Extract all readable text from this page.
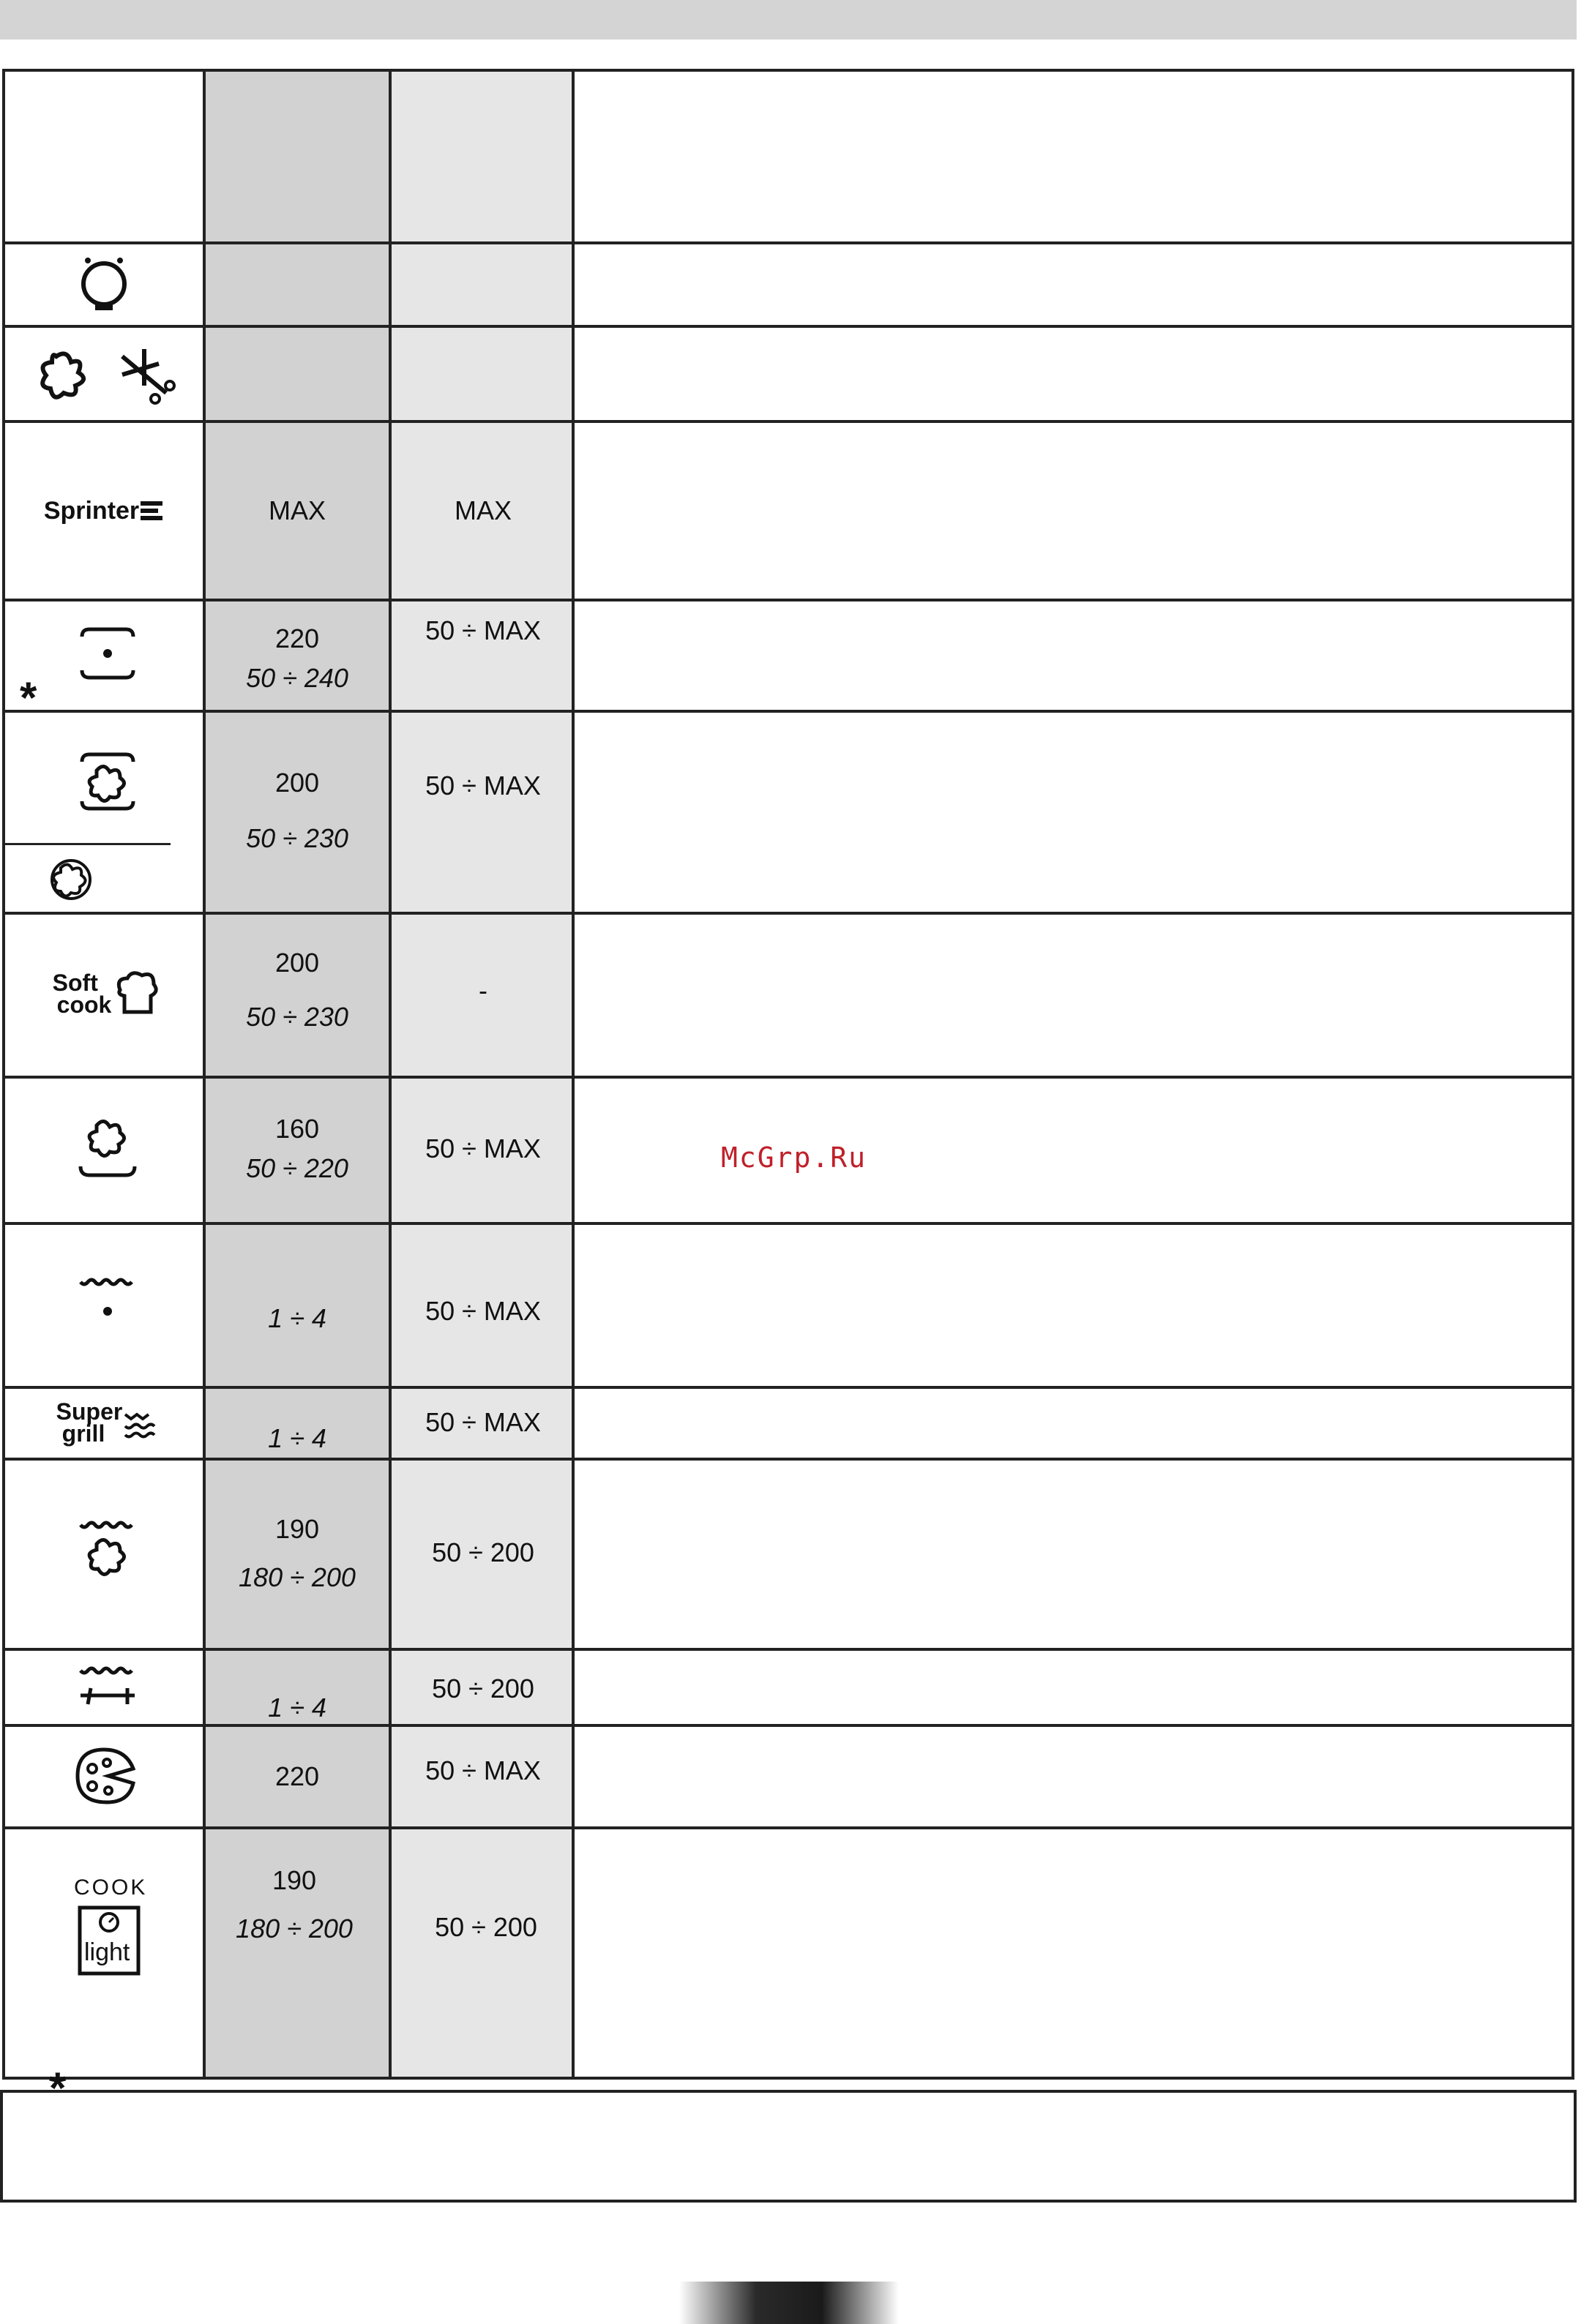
Sprinter
*
Soft
cook
Super
grill
COOK
light
*
MAX
220
50 ÷ 240
200
50 ÷ 230
200
50 ÷ 230
160
50 ÷ 220
1 ÷ 4
1 ÷ 4
190
180 ÷ 200
1 ÷ 4
220
190
180 ÷ 200
MAX
50 ÷ MAX
50 ÷ MAX
-
50 ÷ MAX
50 ÷ MAX
50 ÷ MAX
50 ÷ 200
50 ÷ 200
50 ÷ MAX
50 ÷ 200
McGrp.Ru
